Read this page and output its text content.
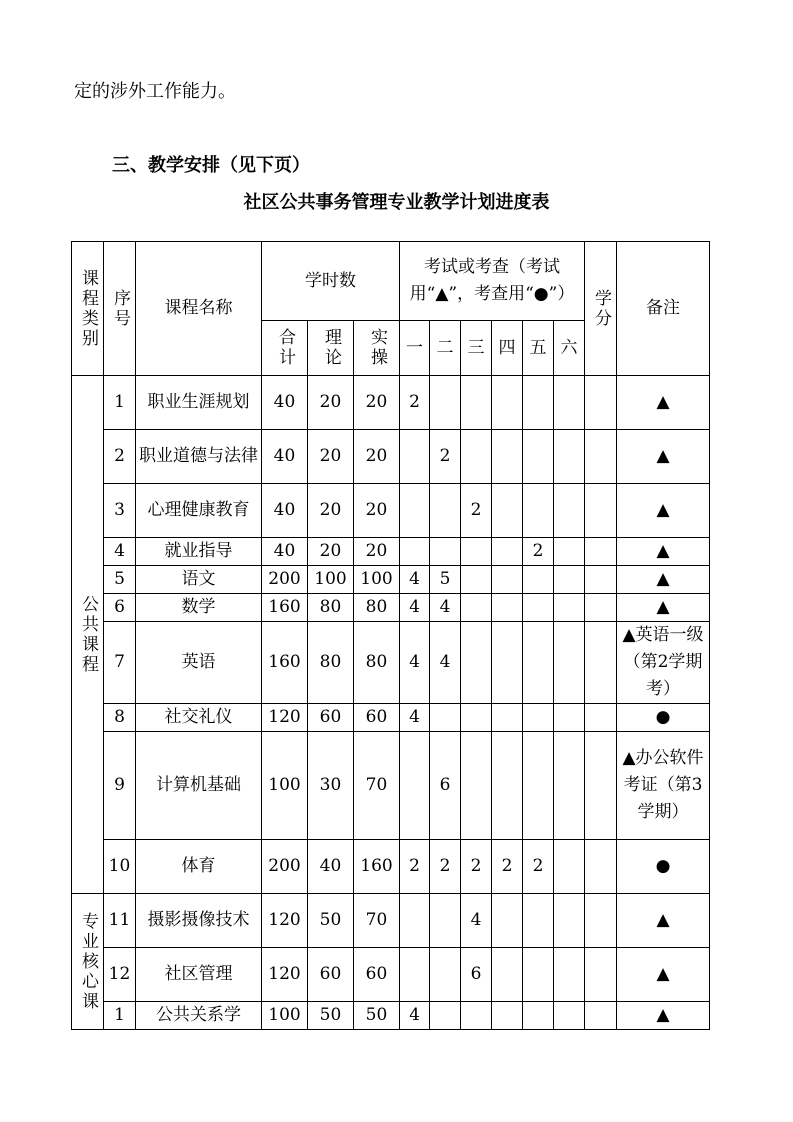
定的涉外工作能力。
三、教学安排（见下页）
社区公共事务管理专业教学计划进度表
课程类别	序号	课程名称	学时数			考试或考查（考试用“▲”，考查用“●”）						学分	备注
			合计	理论	实操	一	二	三	四	五	六		
公共课程	1	职业生涯规划	40	20	20	2							▲
	2	职业道德与法律	40	20	20		2						▲
	3	心理健康教育	40	20	20			2					▲
	4	就业指导	40	20	20					2			▲
	5	语文	200	100	100	4	5						▲
	6	数学	160	80	80	4	4						▲
	7	英语	160	80	80	4	4						▲英语一级（第2学期考）
	8	社交礼仪	120	60	60	4							●
	9	计算机基础	100	30	70		6						▲办公软件考证（第3学期）
	10	体育	200	40	160	2	2	2	2	2			●
专业核心课	11	摄影摄像技术	120	50	70			4					▲
	12	社区管理	120	60	60			6					▲
	1	公共关系学	100	50	50	4							▲
